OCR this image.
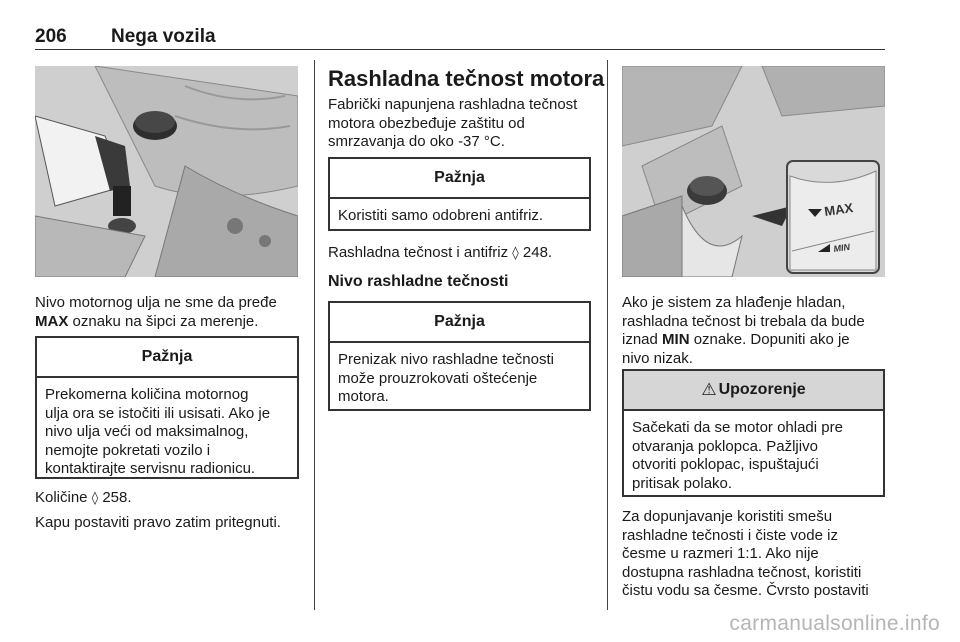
206 Nega vozila
Nivo motornog ulja ne sme da pređe
MAX oznaku na šipci za merenje.
Pažnja
Prekomerna količina motornog
ulja ora se istočiti ili usisati. Ako je
nivo ulja veći od maksimalnog,
nemojte pokretati vozilo i
kontaktirajte servisnu radionicu.
Količine ◊ 258.
Kapu postaviti pravo zatim pritegnuti.
Rashladna tečnost motora
Fabrički napunjena rashladna tečnost
motora obezbeđuje zaštitu od
smrzavanja do oko -37 °C.
Pažnja
Koristiti samo odobreni antifriz.
Rashladna tečnost i antifriz ◊ 248.
Nivo rashladne tečnosti
Pažnja
Prenizak nivo rashladne tečnosti
može prouzrokovati oštećenje
motora.
MAX
MIN
Ako je sistem za hlađenje hladan,
rashladna tečnost bi trebala da bude
iznad MIN oznake. Dopuniti ako je
nivo nizak.
⚠ Upozorenje
Sačekati da se motor ohladi pre
otvaranja poklopca. Pažljivo
otvoriti poklopac, ispuštajući
pritisak polako.
Za dopunjavanje koristiti smešu
rashladne tečnosti i čiste vode iz
česme u razmeri 1:1. Ako nije
dostupna rashladna tečnost, koristiti
čistu vodu sa česme. Čvrsto postaviti
carmanualsonline.info
